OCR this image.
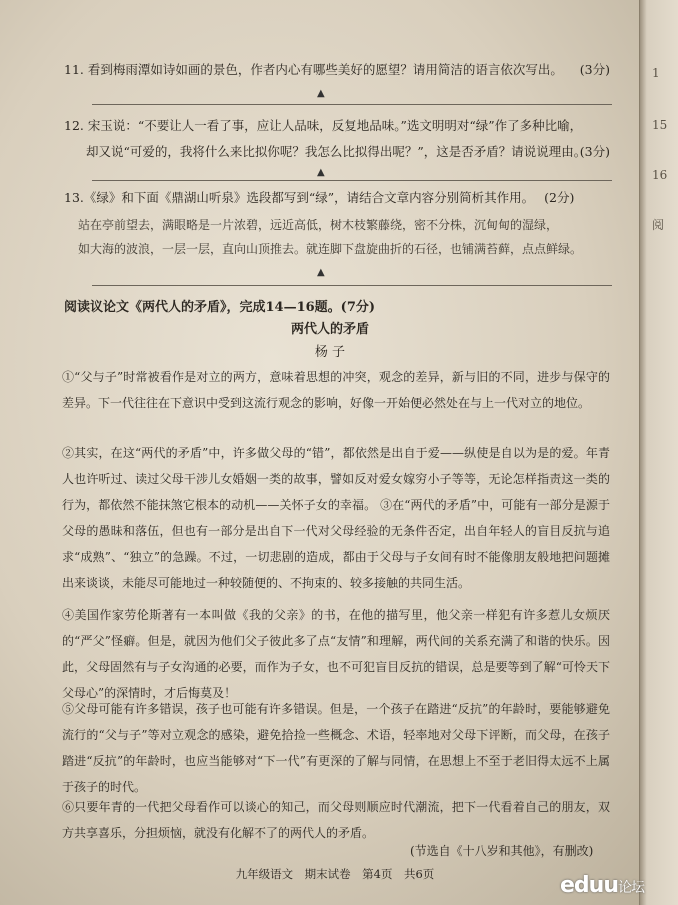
11. 看到梅雨潭如诗如画的景色，作者内心有哪些美好的愿望？请用简洁的语言依次写出。 (3分)
▲
12. 宋玉说：“不要让人一看了事，应让人品味，反复地品味。”选文明明对“绿”作了多种比喻，
却又说“可爱的，我将什么来比拟你呢？我怎么比拟得出呢？”，这是否矛盾？请说说理由。
(3分)
▲
13.《绿》和下面《鼎湖山听泉》选段都写到“绿”，请结合文章内容分别简析其作用。 (2分)
站在亭前望去，满眼略是一片浓碧，远近高低，树木枝繁藤绕，密不分株，沉甸甸的湿绿，
如大海的波浪，一层一层，直向山顶推去。就连脚下盘旋曲折的石径，也铺满苔藓，点点鲜绿。
▲
阅读议论文《两代人的矛盾》，完成14—16题。(7分)
两代人的矛盾
杨 子
①“父与子”时常被看作是对立的两方，意味着思想的冲突，观念的差异，新与旧的不同，进步与保守的差异。下一代往往在下意识中受到这流行观念的影响，好像一开始便必然处在与上一代对立的地位。
②其实，在这“两代的矛盾”中，许多做父母的“错”，都依然是出自于爱——纵使是自以为是的爱。年青人也许听过、读过父母干涉儿女婚姻一类的故事，譬如反对爱女嫁穷小子等等，无论怎样指责这一类的行为，都依然不能抹煞它根本的动机——关怀子女的幸福。 ③在“两代的矛盾”中，可能有一部分是源于父母的愚昧和落伍，但也有一部分是出自下一代对父母经验的无条件否定，出自年轻人的盲目反抗与追求“成熟”、“独立”的急躁。不过，一切悲剧的造成，都由于父母与子女间有时不能像朋友般地把问题摊出来谈谈，未能尽可能地过一种较随便的、不拘束的、较多接触的共同生活。
④美国作家劳伦斯著有一本叫做《我的父亲》的书，在他的描写里，他父亲一样犯有许多惹儿女烦厌的“严父”怪癖。但是，就因为他们父子彼此多了点“友情”和理解，两代间的关系充满了和谐的快乐。因此，父母固然有与子女沟通的必要，而作为子女，也不可犯盲目反抗的错误，总是要等到了解“可怜天下父母心”的深情时，才后悔莫及！
⑤父母可能有许多错误，孩子也可能有许多错误。但是，一个孩子在踏进“反抗”的年龄时，要能够避免流行的“父与子”等对立观念的感染，避免拾捡一些概念、术语，轻率地对父母下评断，而父母，在孩子踏进“反抗”的年龄时，也应当能够对“下一代”有更深的了解与同情，在思想上不至于老旧得太远不上属于孩子的时代。
⑥只要年青的一代把父母看作可以谈心的知己，而父母则顺应时代潮流，把下一代看着自己的朋友，双方共享喜乐，分担烦恼，就没有化解不了的两代人的矛盾。
(节选自《十八岁和其他》，有删改)
九年级语文　期末试卷　第4页　共6页
1
15
16
阅
eduu论坛
